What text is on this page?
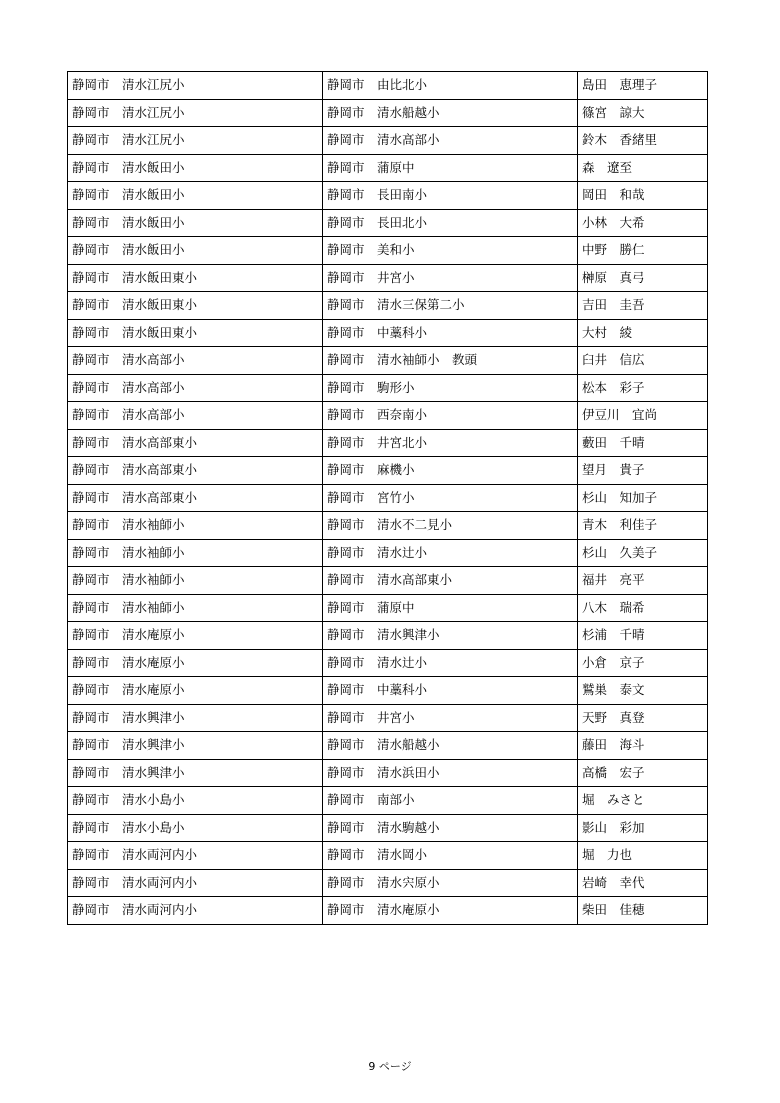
静岡市　清水江尻小	静岡市　由比北小	島田　恵理子
静岡市　清水江尻小	静岡市　清水船越小	篠宮　諒大
静岡市　清水江尻小	静岡市　清水高部小	鈴木　香緒里
静岡市　清水飯田小	静岡市　蒲原中	森　遼至
静岡市　清水飯田小	静岡市　長田南小	岡田　和哉
静岡市　清水飯田小	静岡市　長田北小	小林　大希
静岡市　清水飯田小	静岡市　美和小	中野　勝仁
静岡市　清水飯田東小	静岡市　井宮小	榊原　真弓
静岡市　清水飯田東小	静岡市　清水三保第二小	吉田　圭吾
静岡市　清水飯田東小	静岡市　中藁科小	大村　綾
静岡市　清水高部小	静岡市　清水袖師小　教頭	臼井　信広
静岡市　清水高部小	静岡市　駒形小	松本　彩子
静岡市　清水高部小	静岡市　西奈南小	伊豆川　宜尚
静岡市　清水高部東小	静岡市　井宮北小	藪田　千晴
静岡市　清水高部東小	静岡市　麻機小	望月　貴子
静岡市　清水高部東小	静岡市　宮竹小	杉山　知加子
静岡市　清水袖師小	静岡市　清水不二見小	青木　利佳子
静岡市　清水袖師小	静岡市　清水辻小	杉山　久美子
静岡市　清水袖師小	静岡市　清水高部東小	福井　亮平
静岡市　清水袖師小	静岡市　蒲原中	八木　瑞希
静岡市　清水庵原小	静岡市　清水興津小	杉浦　千晴
静岡市　清水庵原小	静岡市　清水辻小	小倉　京子
静岡市　清水庵原小	静岡市　中藁科小	鷲巣　泰文
静岡市　清水興津小	静岡市　井宮小	天野　真登
静岡市　清水興津小	静岡市　清水船越小	藤田　海斗
静岡市　清水興津小	静岡市　清水浜田小	高橋　宏子
静岡市　清水小島小	静岡市　南部小	堀　みさと
静岡市　清水小島小	静岡市　清水駒越小	影山　彩加
静岡市　清水両河内小	静岡市　清水岡小	堀　力也
静岡市　清水両河内小	静岡市　清水宍原小	岩崎　幸代
静岡市　清水両河内小	静岡市　清水庵原小	柴田　佳穂
9 ページ
